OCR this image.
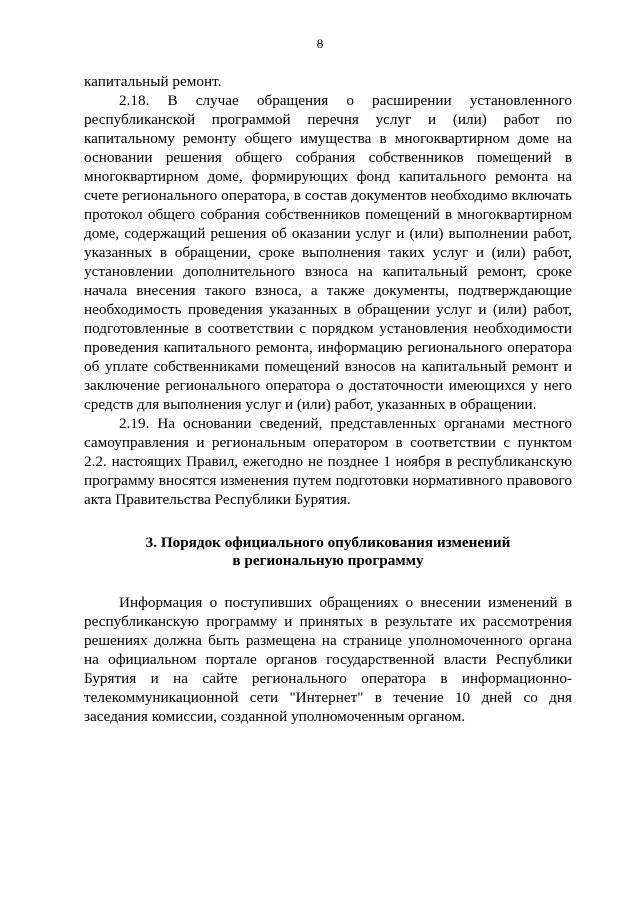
8

капитальный ремонт.

2.18. В случае обращения о расширении установленного республиканской программой перечня услуг и (или) работ по капитальному ремонту общего имущества в многоквартирном доме на основании решения общего собрания собственников помещений в многоквартирном доме, формирующих фонд капитального ремонта на счете регионального оператора, в состав документов необходимо включать протокол общего собрания собственников помещений в многоквартирном доме, содержащий решения об оказании услуг и (или) выполнении работ, указанных в обращении, сроке выполнения таких услуг и (или) работ, установлении дополнительного взноса на капитальный ремонт, сроке начала внесения такого взноса, а также документы, подтверждающие необходимость проведения указанных в обращении услуг и (или) работ, подготовленные в соответствии с порядком установления необходимости проведения капитального ремонта, информацию регионального оператора об уплате собственниками помещений взносов на капитальный ремонт и заключение регионального оператора о достаточности имеющихся у него средств для выполнения услуг и (или) работ, указанных в обращении.

2.19. На основании сведений, представленных органами местного самоуправления и региональным оператором в соответствии с пунктом 2.2. настоящих Правил, ежегодно не позднее 1 ноября в республиканскую программу вносятся изменения путем подготовки нормативного правового акта Правительства Республики Бурятия.

3. Порядок официального опубликования изменений
в региональную программу

Информация о поступивших обращениях о внесении изменений в республиканскую программу и принятых в результате их рассмотрения решениях должна быть размещена на странице уполномоченного органа на официальном портале органов государственной власти Республики Бурятия и на сайте регионального оператора в информационно-телекоммуникационной сети "Интернет" в течение 10 дней со дня заседания комиссии, созданной уполномоченным органом.
